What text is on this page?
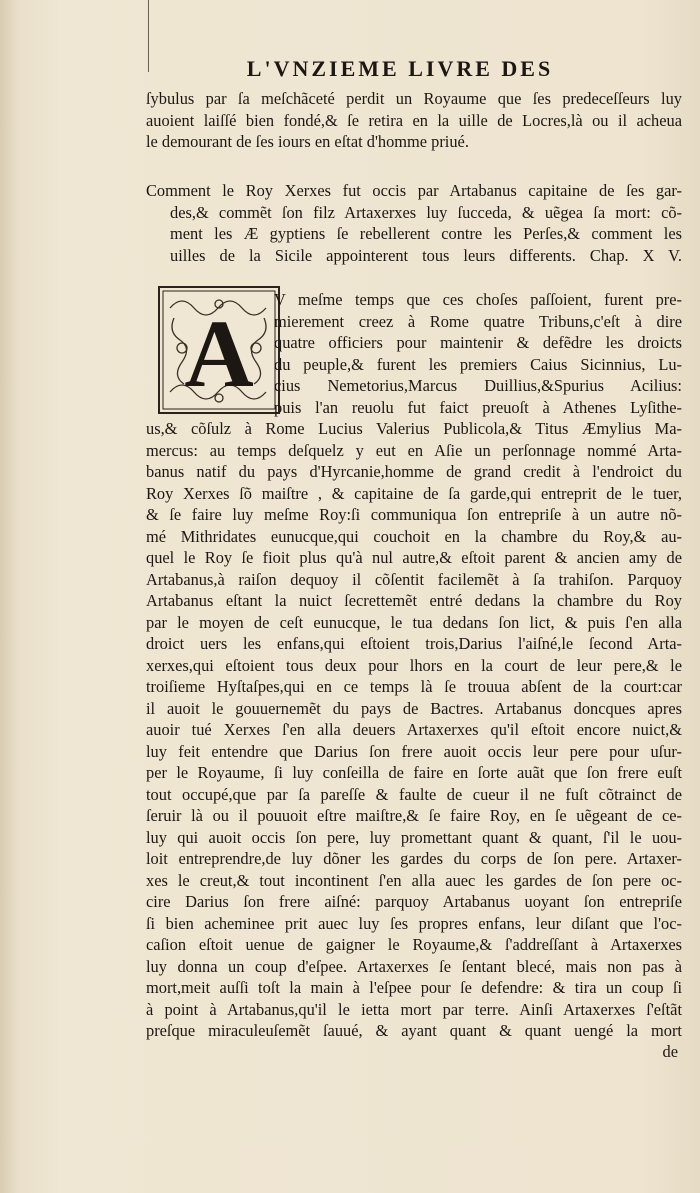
L'VNZIEME LIVRE DES
ſybulus par ſa meſchãceté perdit un Royaume que ſes predeceſſeurs luy
auoient laiſſé bien fondé,& ſe retira en la uille de Locres,là ou il acheua
le demourant de ſes iours en eſtat d'homme priué.
Comment le Roy Xerxes fut occis par Artabanus capitaine de ſes gar-
des,& commẽt ſon filz Artaxerxes luy ſucceda, & uẽgea ſa mort: cõ-
ment les Æ gyptiens ſe rebellerent contre les Perſes,& comment les
uilles de la Sicile appointerent tous leurs differents. Chap. X V.
A
V meſme temps que ces choſes paſſoient, furent pre-
mierement creez à Rome quatre Tribuns,c'eſt à dire
quatre officiers pour maintenir & defẽdre les droicts
du peuple,& furent les premiers Caius Sicinnius, Lu-
cius Nemetorius,Marcus Duillius,&Spurius Acilius:
puis l'an reuolu fut faict preuoſt à Athenes Lyſithe-
us,& cõſulz à Rome Lucius Valerius Publicola,& Titus Æmylius Ma-
mercus: au temps deſquelz y eut en Aſie un perſonnage nommé Arta-
banus natif du pays d'Hyrcanie,homme de grand credit à l'endroict du
Roy Xerxes ſõ maiſtre , & capitaine de ſa garde,qui entreprit de le tuer,
& ſe faire luy meſme Roy:ſi communiqua ſon entrepriſe à un autre nõ-
mé Mithridates eunucque,qui couchoit en la chambre du Roy,& au-
quel le Roy ſe fioit plus qu'à nul autre,& eſtoit parent & ancien amy de
Artabanus,à raiſon dequoy il cõſentit facilemẽt à ſa trahiſon. Parquoy
Artabanus eſtant la nuict ſecrettemẽt entré dedans la chambre du Roy
par le moyen de ceſt eunucque, le tua dedans ſon lict, & puis ſ'en alla
droict uers les enfans,qui eſtoient trois,Darius l'aiſné,le ſecond Arta-
xerxes,qui eſtoient tous deux pour lhors en la court de leur pere,& le
troiſieme Hyſtaſpes,qui en ce temps là ſe trouua abſent de la court:car
il auoit le gouuernemẽt du pays de Bactres. Artabanus doncques apres
auoir tué Xerxes ſ'en alla deuers Artaxerxes qu'il eſtoit encore nuict,&
luy feit entendre que Darius ſon frere auoit occis leur pere pour uſur-
per le Royaume, ſi luy conſeilla de faire en ſorte auãt que ſon frere euſt
tout occupé,que par ſa pareſſe & faulte de cueur il ne fuſt cõtrainct de
ſeruir là ou il pouuoit eſtre maiſtre,& ſe faire Roy, en ſe uẽgeant de ce-
luy qui auoit occis ſon pere, luy promettant quant & quant, ſ'il le uou-
loit entreprendre,de luy dõner les gardes du corps de ſon pere. Artaxer-
xes le creut,& tout incontinent ſ'en alla auec les gardes de ſon pere oc-
cire Darius ſon frere aiſné: parquoy Artabanus uoyant ſon entrepriſe
ſi bien acheminee prit auec luy ſes propres enfans, leur diſant que l'oc-
caſion eſtoit uenue de gaigner le Royaume,& ſ'addreſſant à Artaxerxes
luy donna un coup d'eſpee. Artaxerxes ſe ſentant blecé, mais non pas à
mort,meit auſſi toſt la main à l'eſpee pour ſe defendre: & tira un coup ſi
à point à Artabanus,qu'il le ietta mort par terre. Ainſi Artaxerxes ſ'eſtãt
preſque miraculeuſemẽt ſauué, & ayant quant & quant uengé la mort
de
